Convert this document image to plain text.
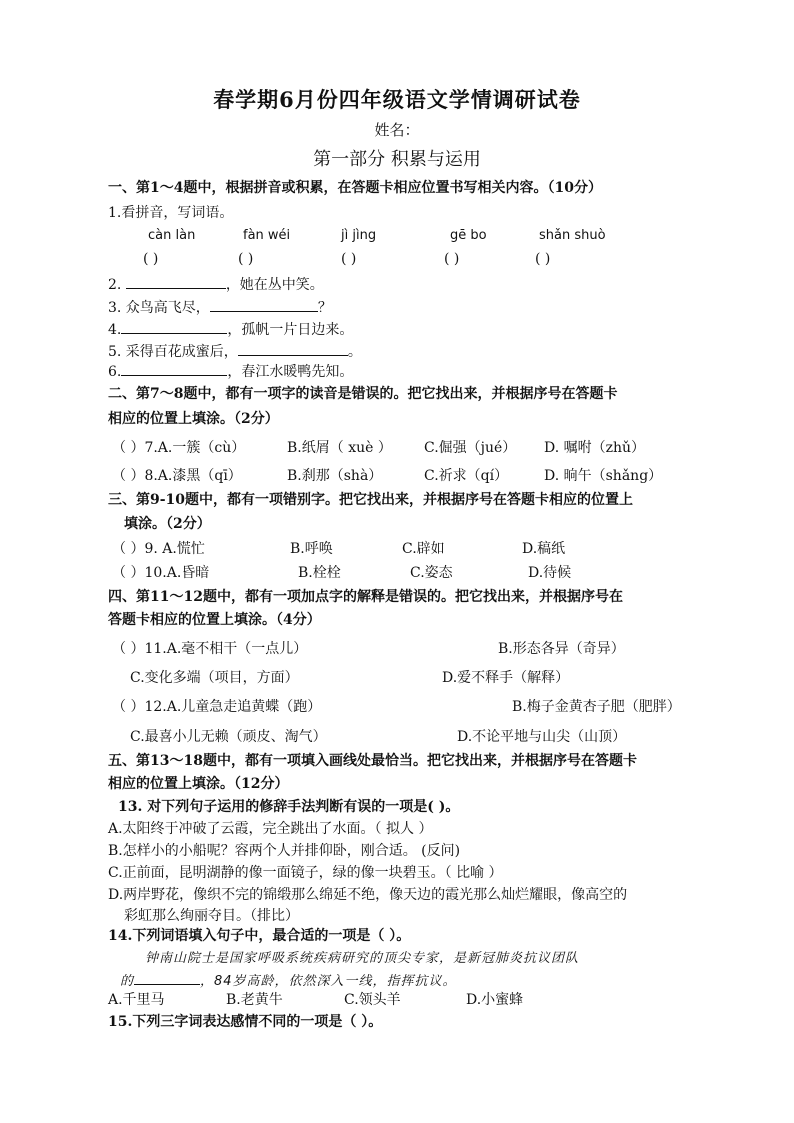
春学期6月份四年级语文学情调研试卷
姓名：
第一部分 积累与运用
一、第1～4题中，根据拼音或积累，在答题卡相应位置书写相关内容。（10分）
1.看拼音，写词语。
càn làn	fàn wéi	jì jìng	gē bo	shǎn shuò
( )	( )	( )	( )	( )
2.	，她在丛中笑。
3. 众鸟高飞尽，	？
4.	，孤帆一片日边来。
5. 采得百花成蜜后，	。
6.	，春江水暖鸭先知。
二、第7～8题中，都有一项字的读音是错误的。把它找出来，并根据序号在答题卡
相应的位置上填涂。（2分）
（ ）7.A.一簇（cù）	B.纸屑（ xuè ） C.倔强（jué） D. 嘱咐（zhǔ）
（ ）8.A.漆黑（qī）	B.刹那（shà）	C.祈求（qí）	D. 晌午（shǎng）
三、第9-10题中，都有一项错别字。把它找出来，并根据序号在答题卡相应的位置上
填涂。（2分）
（ ）9. A.慌忙	B.呼唤	C.辟如	D.稿纸
（ ）10.A.昏暗	B.栓栓	C.姿态	D.待候
四、第11～12题中，都有一项加点字的解释是错误的。把它找出来，并根据序号在
答题卡相应的位置上填涂。（4分）
（ ）11.A.毫不相干（一点儿）	B.形态各异（奇异）
C.变化多端（项目，方面）	D.爱不释手（解释）
（ ）12.A.儿童急走追黄蝶（跑）	B.梅子金黄杏子肥（肥胖）
C.最喜小儿无赖（顽皮、淘气）	D.不论平地与山尖（山顶）
五、第13～18题中，都有一项填入画线处最恰当。把它找出来，并根据序号在答题卡
相应的位置上填涂。（12分）
13. 对下列句子运用的修辞手法判断有误的一项是( )。
A.太阳终于冲破了云霞，完全跳出了水面。（ 拟人 ）
B.怎样小的小船呢？容两个人并排仰卧，刚合适。 (反问)
C.正前面，昆明湖静的像一面镜子，绿的像一块碧玉。（ 比喻 ）
D.两岸野花，像织不完的锦缎那么绵延不绝，像天边的霞光那么灿烂耀眼，像高空的
彩虹那么绚丽夺目。（排比）
14.下列词语填入句子中，最合适的一项是（ ）。
钟南山院士是国家呼吸系统疾病研究的顶尖专家，是新冠肺炎抗议团队
的	，84岁高龄，依然深入一线，指挥抗议。
A.千里马	B.老黄牛	C.领头羊	D.小蜜蜂
15.下列三字词表达感情不同的一项是（ ）。
